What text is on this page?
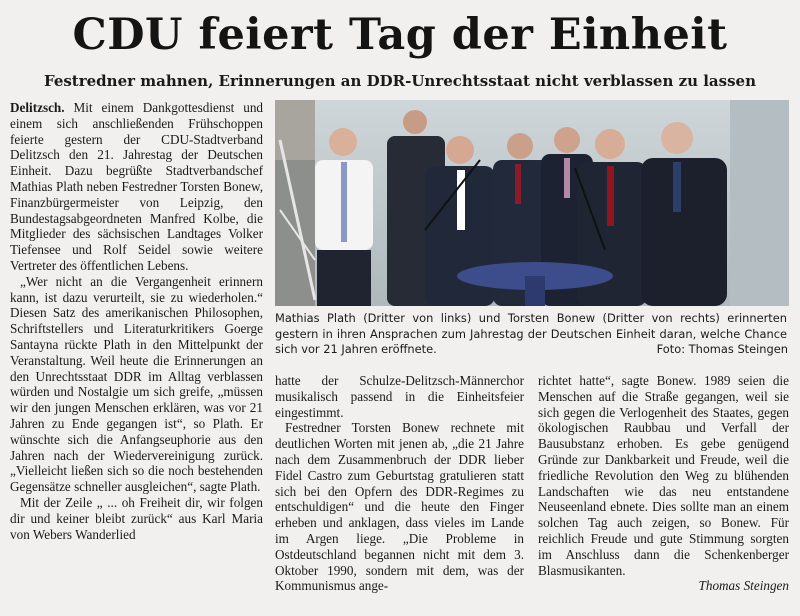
CDU feiert Tag der Einheit
Festredner mahnen, Erinnerungen an DDR-Unrechtsstaat nicht verblassen zu lassen

Delitzsch. Mit einem Dankgottesdienst und einem sich anschließenden Frühschoppen feierte gestern der CDU-Stadtverband Delitzsch den 21. Jahrestag der Deutschen Einheit. Dazu begrüßte Stadtverbandschef Mathias Plath neben Festredner Torsten Bonew, Finanzbürgermeister von Leipzig, den Bundestagsabgeordneten Manfred Kolbe, die Mitglieder des sächsischen Landtages Volker Tiefensee und Rolf Seidel sowie weitere Vertreter des öffentlichen Lebens.

„Wer nicht an die Vergangenheit erinnern kann, ist dazu verurteilt, sie zu wiederholen.“ Diesen Satz des amerikanischen Philosophen, Schriftstellers und Literaturkritikers Goerge Santayna rückte Plath in den Mittelpunkt der Veranstaltung. Weil heute die Erinnerungen an den Unrechtsstaat DDR im Alltag verblassen würden und Nostalgie um sich greife, „müssen wir den jungen Menschen erklären, was vor 21 Jahren zu Ende gegangen ist“, so Plath. Er wünschte sich die Anfangseuphorie aus den Jahren nach der Wiedervereinigung zurück. „Vielleicht ließen sich so die noch bestehenden Gegensätze schneller ausgleichen“, sagte Plath.

Mit der Zeile „ ... oh Freiheit dir, wir folgen dir und keiner bleibt zurück“ aus Karl Maria von Webers Wanderlied

Mathias Plath (Dritter von links) und Torsten Bonew (Dritter von rechts) erinnerten gestern in ihren Ansprachen zum Jahrestag der Deutschen Einheit daran, welche Chance sich vor 21 Jahren eröffnete.	Foto: Thomas Steingen

hatte der Schulze-Delitzsch-Männerchor musikalisch passend in die Einheitsfeier eingestimmt.

Festredner Torsten Bonew rechnete mit deutlichen Worten mit jenen ab, „die 21 Jahre nach dem Zusammenbruch der DDR lieber Fidel Castro zum Geburtstag gratulieren statt sich bei den Opfern des DDR-Regimes zu entschuldigen“ und die heute den Finger erheben und anklagen, dass vieles im Lande im Argen liege. „Die Probleme in Ostdeutschland begannen nicht mit dem 3. Oktober 1990, sondern mit dem, was der Kommunismus ange-

richtet hatte“, sagte Bonew. 1989 seien die Menschen auf die Straße gegangen, weil sie sich gegen die Verlogenheit des Staates, gegen ökologischen Raubbau und Verfall der Bausubstanz erhoben. Es gebe genügend Gründe zur Dankbarkeit und Freude, weil die friedliche Revolution den Weg zu blühenden Landschaften wie das neu entstandene Neuseenland ebnete. Dies sollte man an einem solchen Tag auch zeigen, so Bonew. Für reichlich Freude und gute Stimmung sorgten im Anschluss dann die Schenkenberger Blasmusikanten.

Thomas Steingen
